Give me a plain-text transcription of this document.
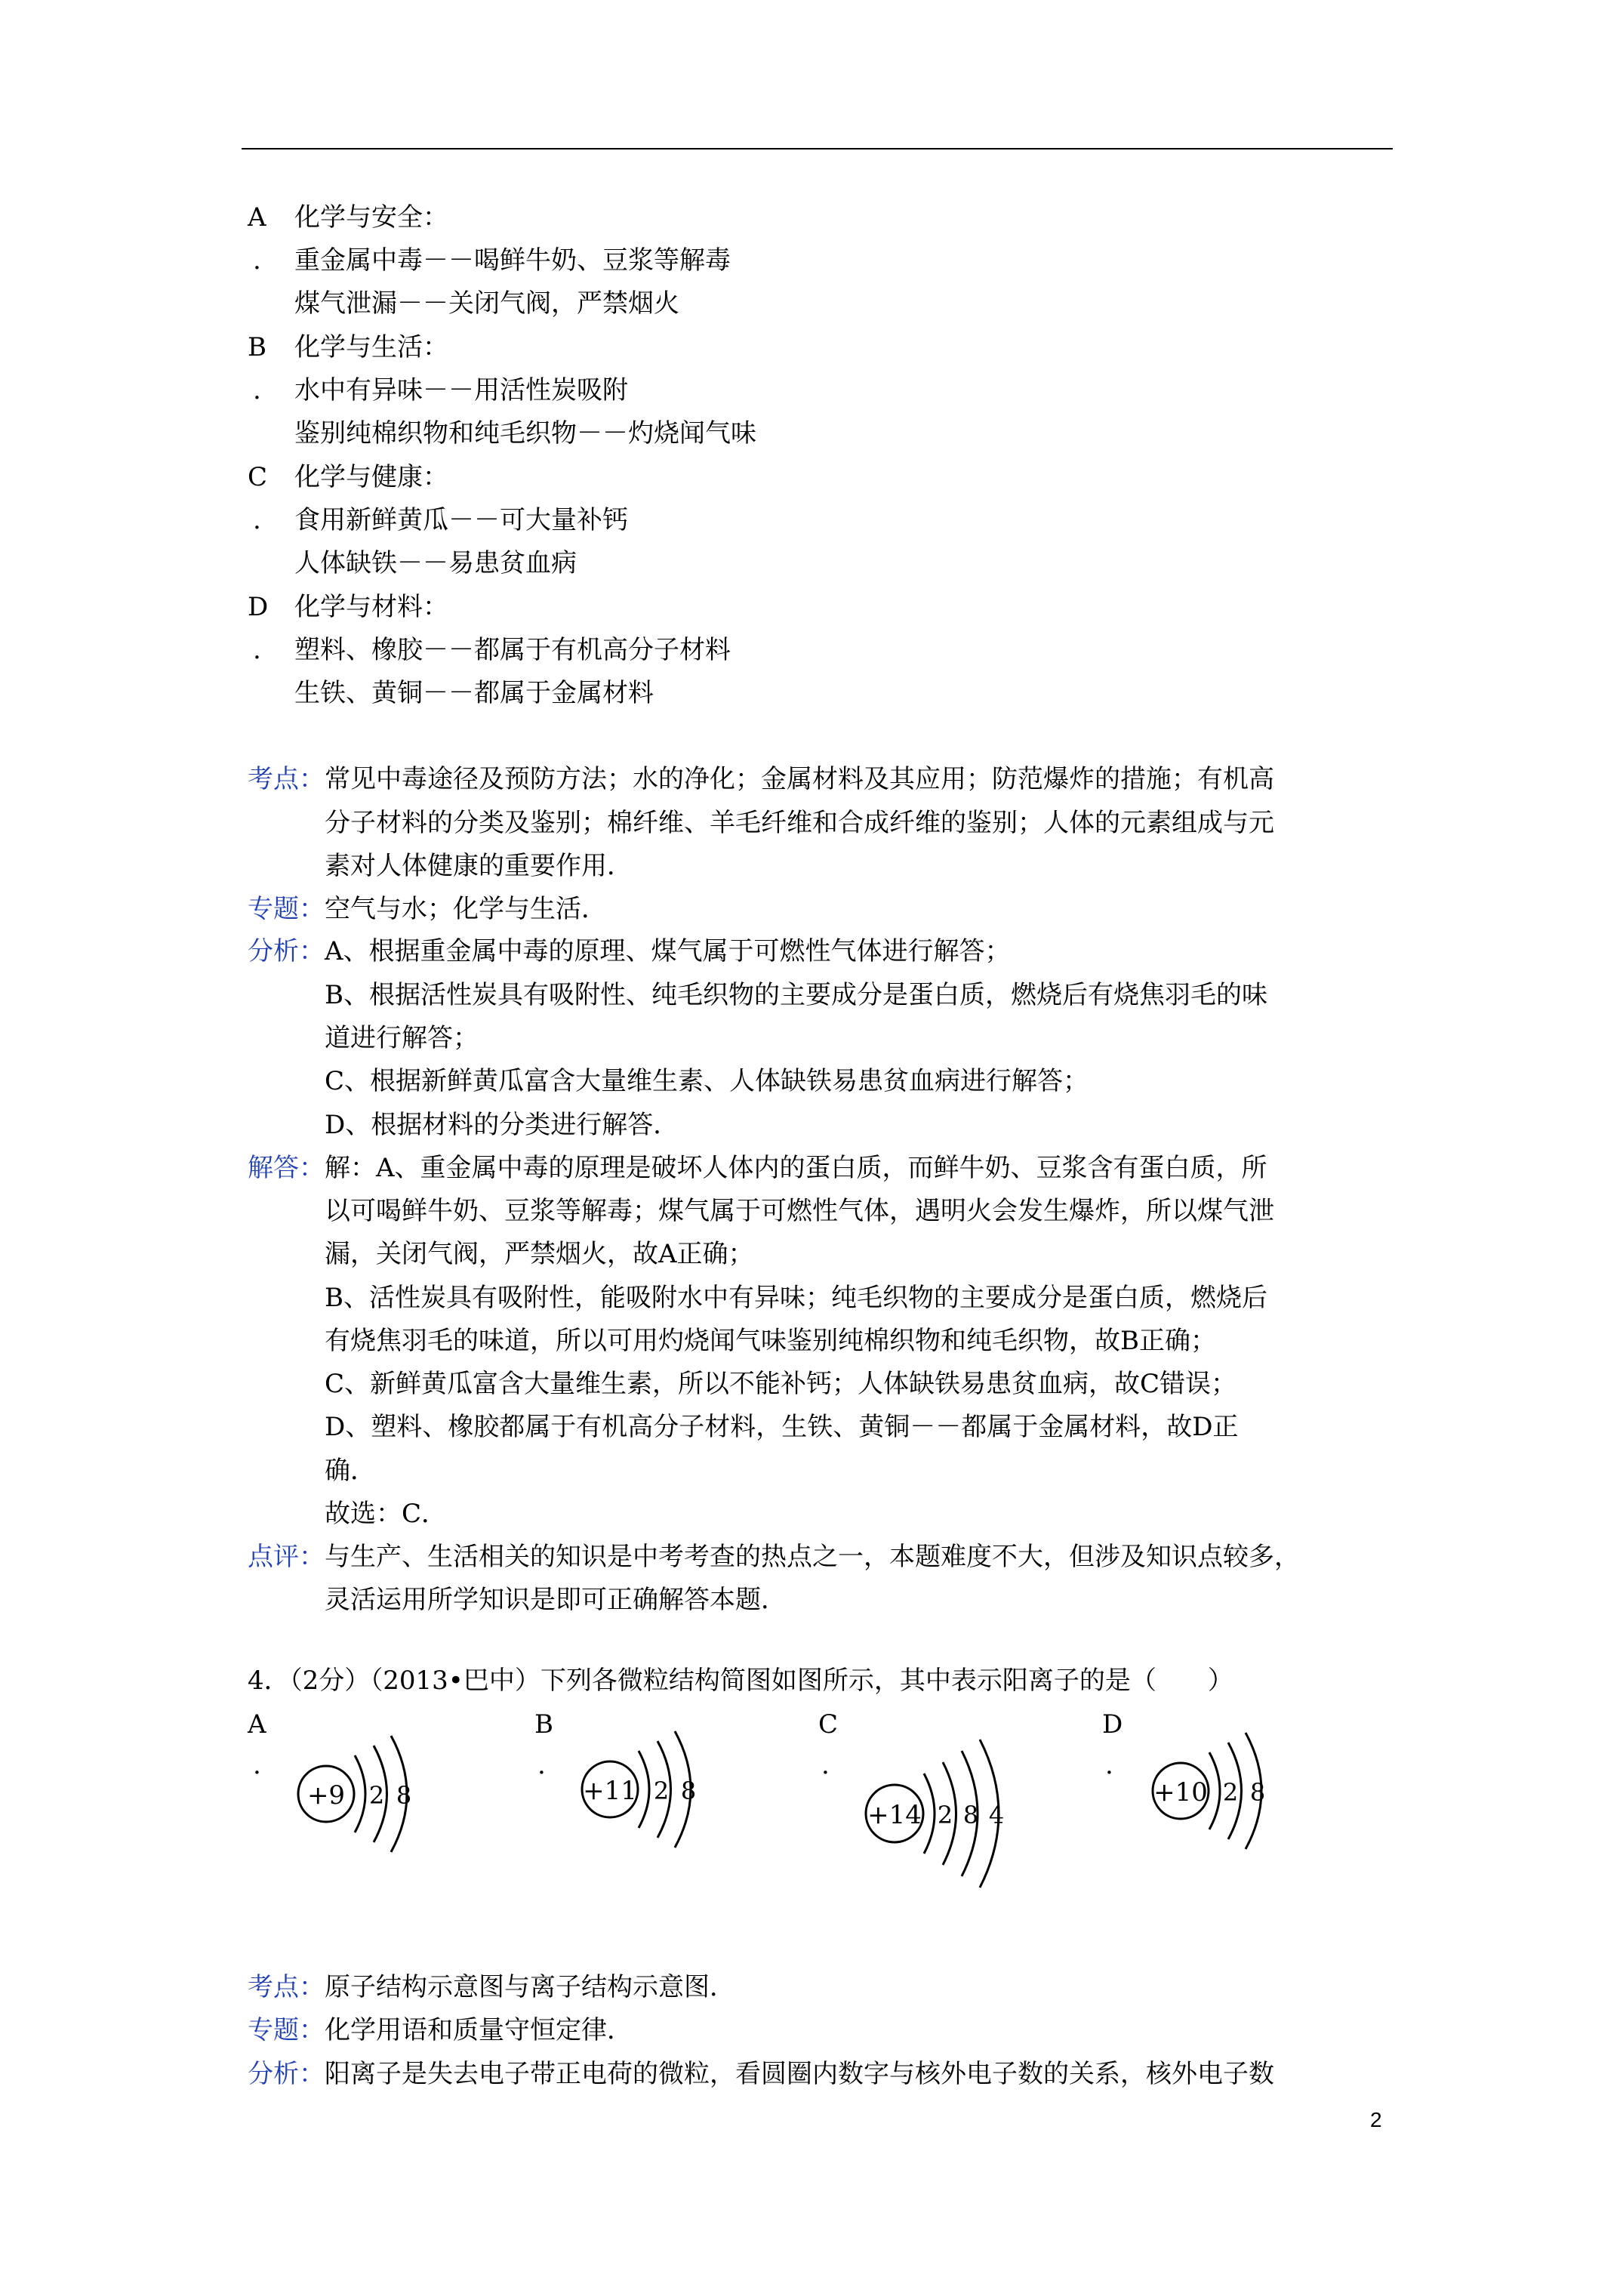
A 化学与安全：
. 重金属中毒－－喝鲜牛奶、豆浆等解毒
煤气泄漏－－关闭气阀，严禁烟火
B 化学与生活：
. 水中有异味－－用活性炭吸附
鉴别纯棉织物和纯毛织物－－灼烧闻气味
C 化学与健康：
. 食用新鲜黄瓜－－可大量补钙
人体缺铁－－易患贫血病
D 化学与材料：
. 塑料、橡胶－－都属于有机高分子材料
生铁、黄铜－－都属于金属材料
考点： 常见中毒途径及预防方法；水的净化；金属材料及其应用；防范爆炸的措施；有机高
分子材料的分类及鉴别；棉纤维、羊毛纤维和合成纤维的鉴别；人体的元素组成与元
素对人体健康的重要作用．
专题： 空气与水；化学与生活．
分析： A、根据重金属中毒的原理、煤气属于可燃性气体进行解答；
B、根据活性炭具有吸附性、纯毛织物的主要成分是蛋白质，燃烧后有烧焦羽毛的味
道进行解答；
C、根据新鲜黄瓜富含大量维生素、人体缺铁易患贫血病进行解答；
D、根据材料的分类进行解答．
解答： 解：A、重金属中毒的原理是破坏人体内的蛋白质，而鲜牛奶、豆浆含有蛋白质，所
以可喝鲜牛奶、豆浆等解毒；煤气属于可燃性气体，遇明火会发生爆炸，所以煤气泄
漏，关闭气阀，严禁烟火，故A正确；
B、活性炭具有吸附性，能吸附水中有异味；纯毛织物的主要成分是蛋白质，燃烧后
有烧焦羽毛的味道，所以可用灼烧闻气味鉴别纯棉织物和纯毛织物，故B正确；
C、新鲜黄瓜富含大量维生素，所以不能补钙；人体缺铁易患贫血病，故C错误；
D、塑料、橡胶都属于有机高分子材料，生铁、黄铜－－都属于金属材料，故D正
确．
故选：C．
点评： 与生产、生活相关的知识是中考考查的热点之一，本题难度不大，但涉及知识点较多，
灵活运用所学知识是即可正确解答本题．
4．（2分）（2013•巴中）下列各微粒结构简图如图所示，其中表示阳离子的是（　　）
A
.
B
.
C
.
D
.
+9 2 8	+11 2 8
+14 2 8 4
+10 2 8
考点： 原子结构示意图与离子结构示意图．
专题： 化学用语和质量守恒定律．
分析： 阳离子是失去电子带正电荷的微粒，看圆圈内数字与核外电子数的关系，核外电子数
2
